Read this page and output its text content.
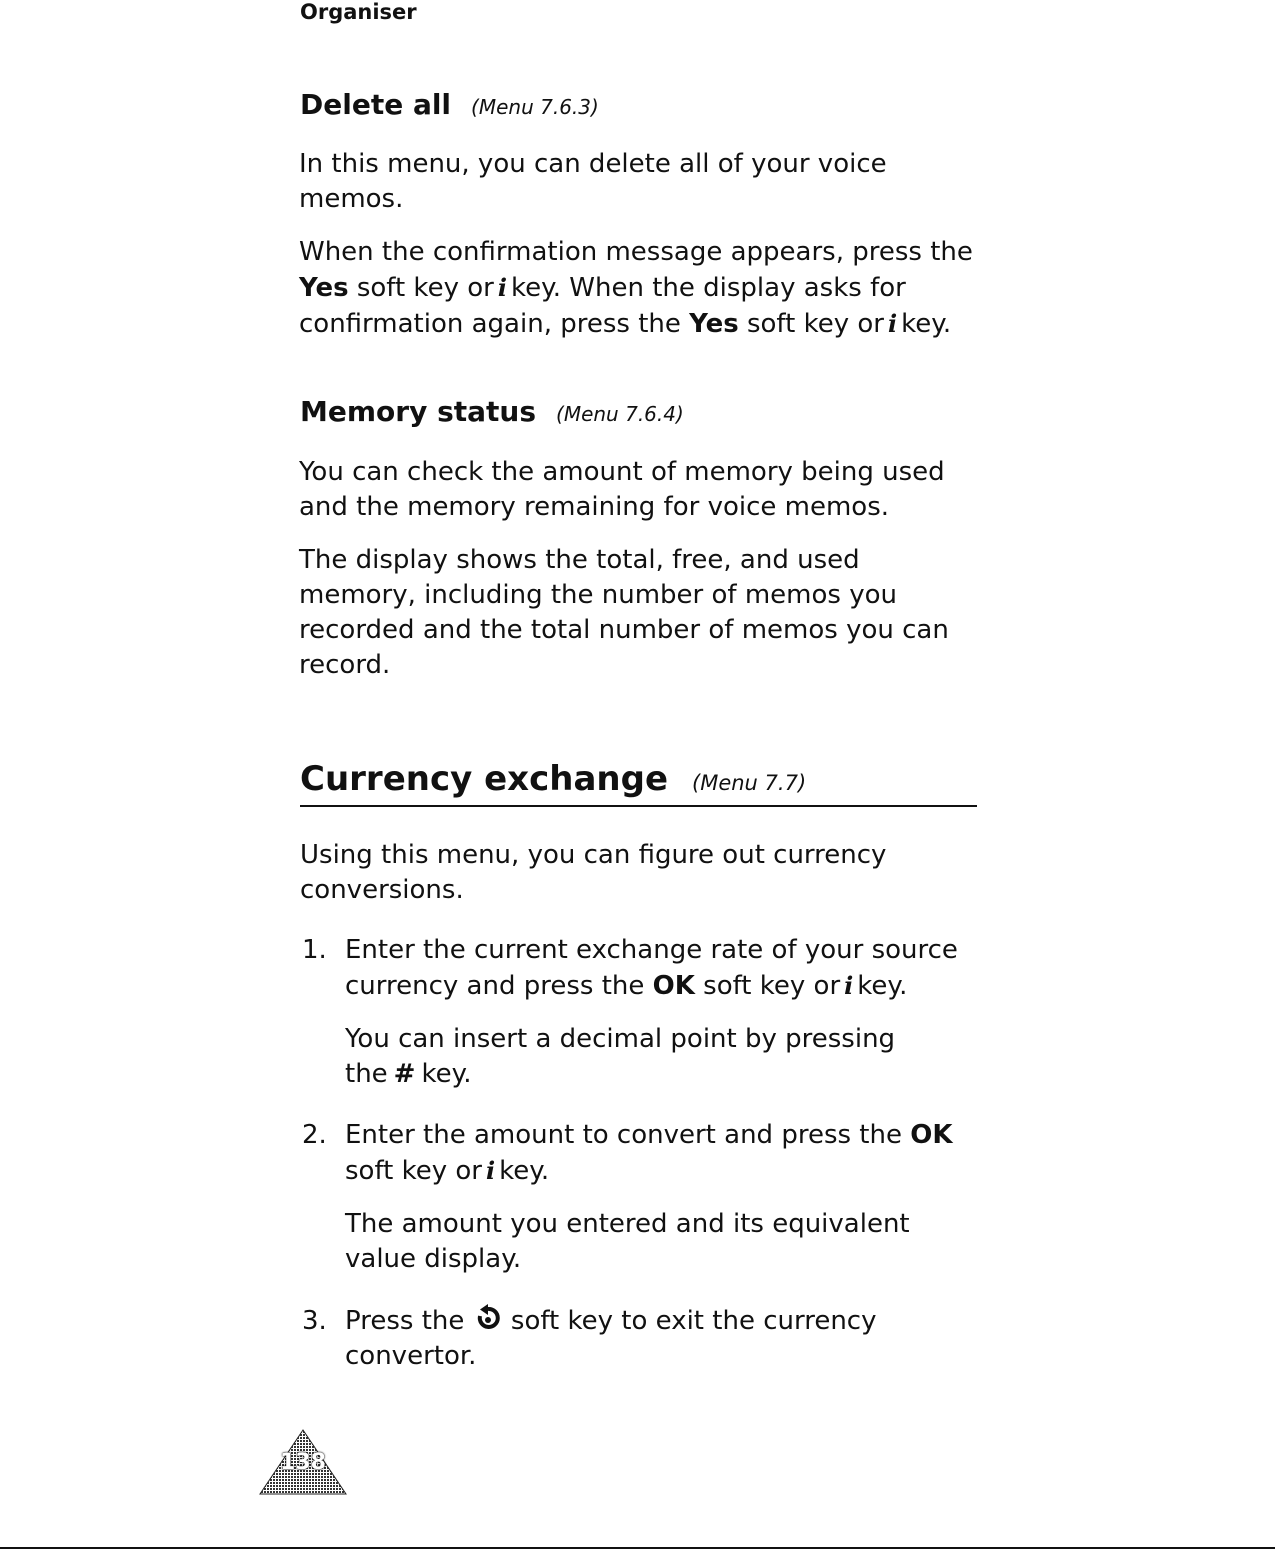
Organiser
Delete all (Menu 7.6.3)
In this menu, you can delete all of your voice memos.
When the confirmation message appears, press the Yes soft key or i key. When the display asks for confirmation again, press the Yes soft key or i key.
Memory status (Menu 7.6.4)
You can check the amount of memory being used and the memory remaining for voice memos.
The display shows the total, free, and used memory, including the number of memos you recorded and the total number of memos you can record.
Currency exchange (Menu 7.7)
Using this menu, you can figure out currency conversions.
1. Enter the current exchange rate of your source currency and press the OK soft key or i key.
You can insert a decimal point by pressing the # key.
2. Enter the amount to convert and press the OK soft key or i key.
The amount you entered and its equivalent value display.
3. Press the soft key to exit the currency convertor.
138
